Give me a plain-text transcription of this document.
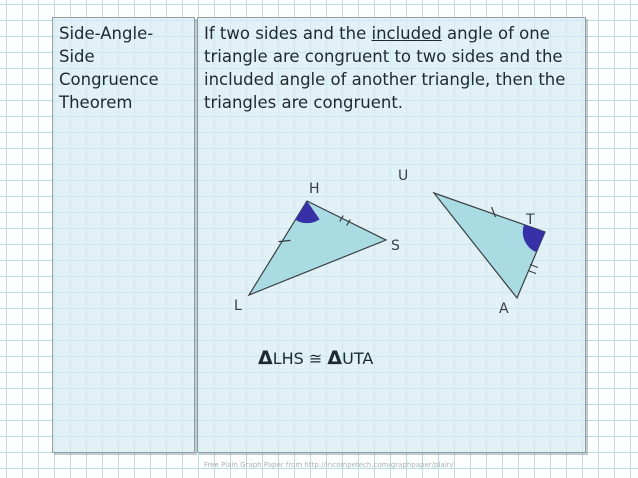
Side-Angle-
Side
Congruence
Theorem
If two sides and the included angle of one
triangle are congruent to two sides and the
included angle of another triangle, then the
triangles are congruent.
H
S
L
U
T
A
ΔLHS ≅ ΔUTA
Free Plain Graph Paper from http://incompetech.com/graphpaper/plain/
